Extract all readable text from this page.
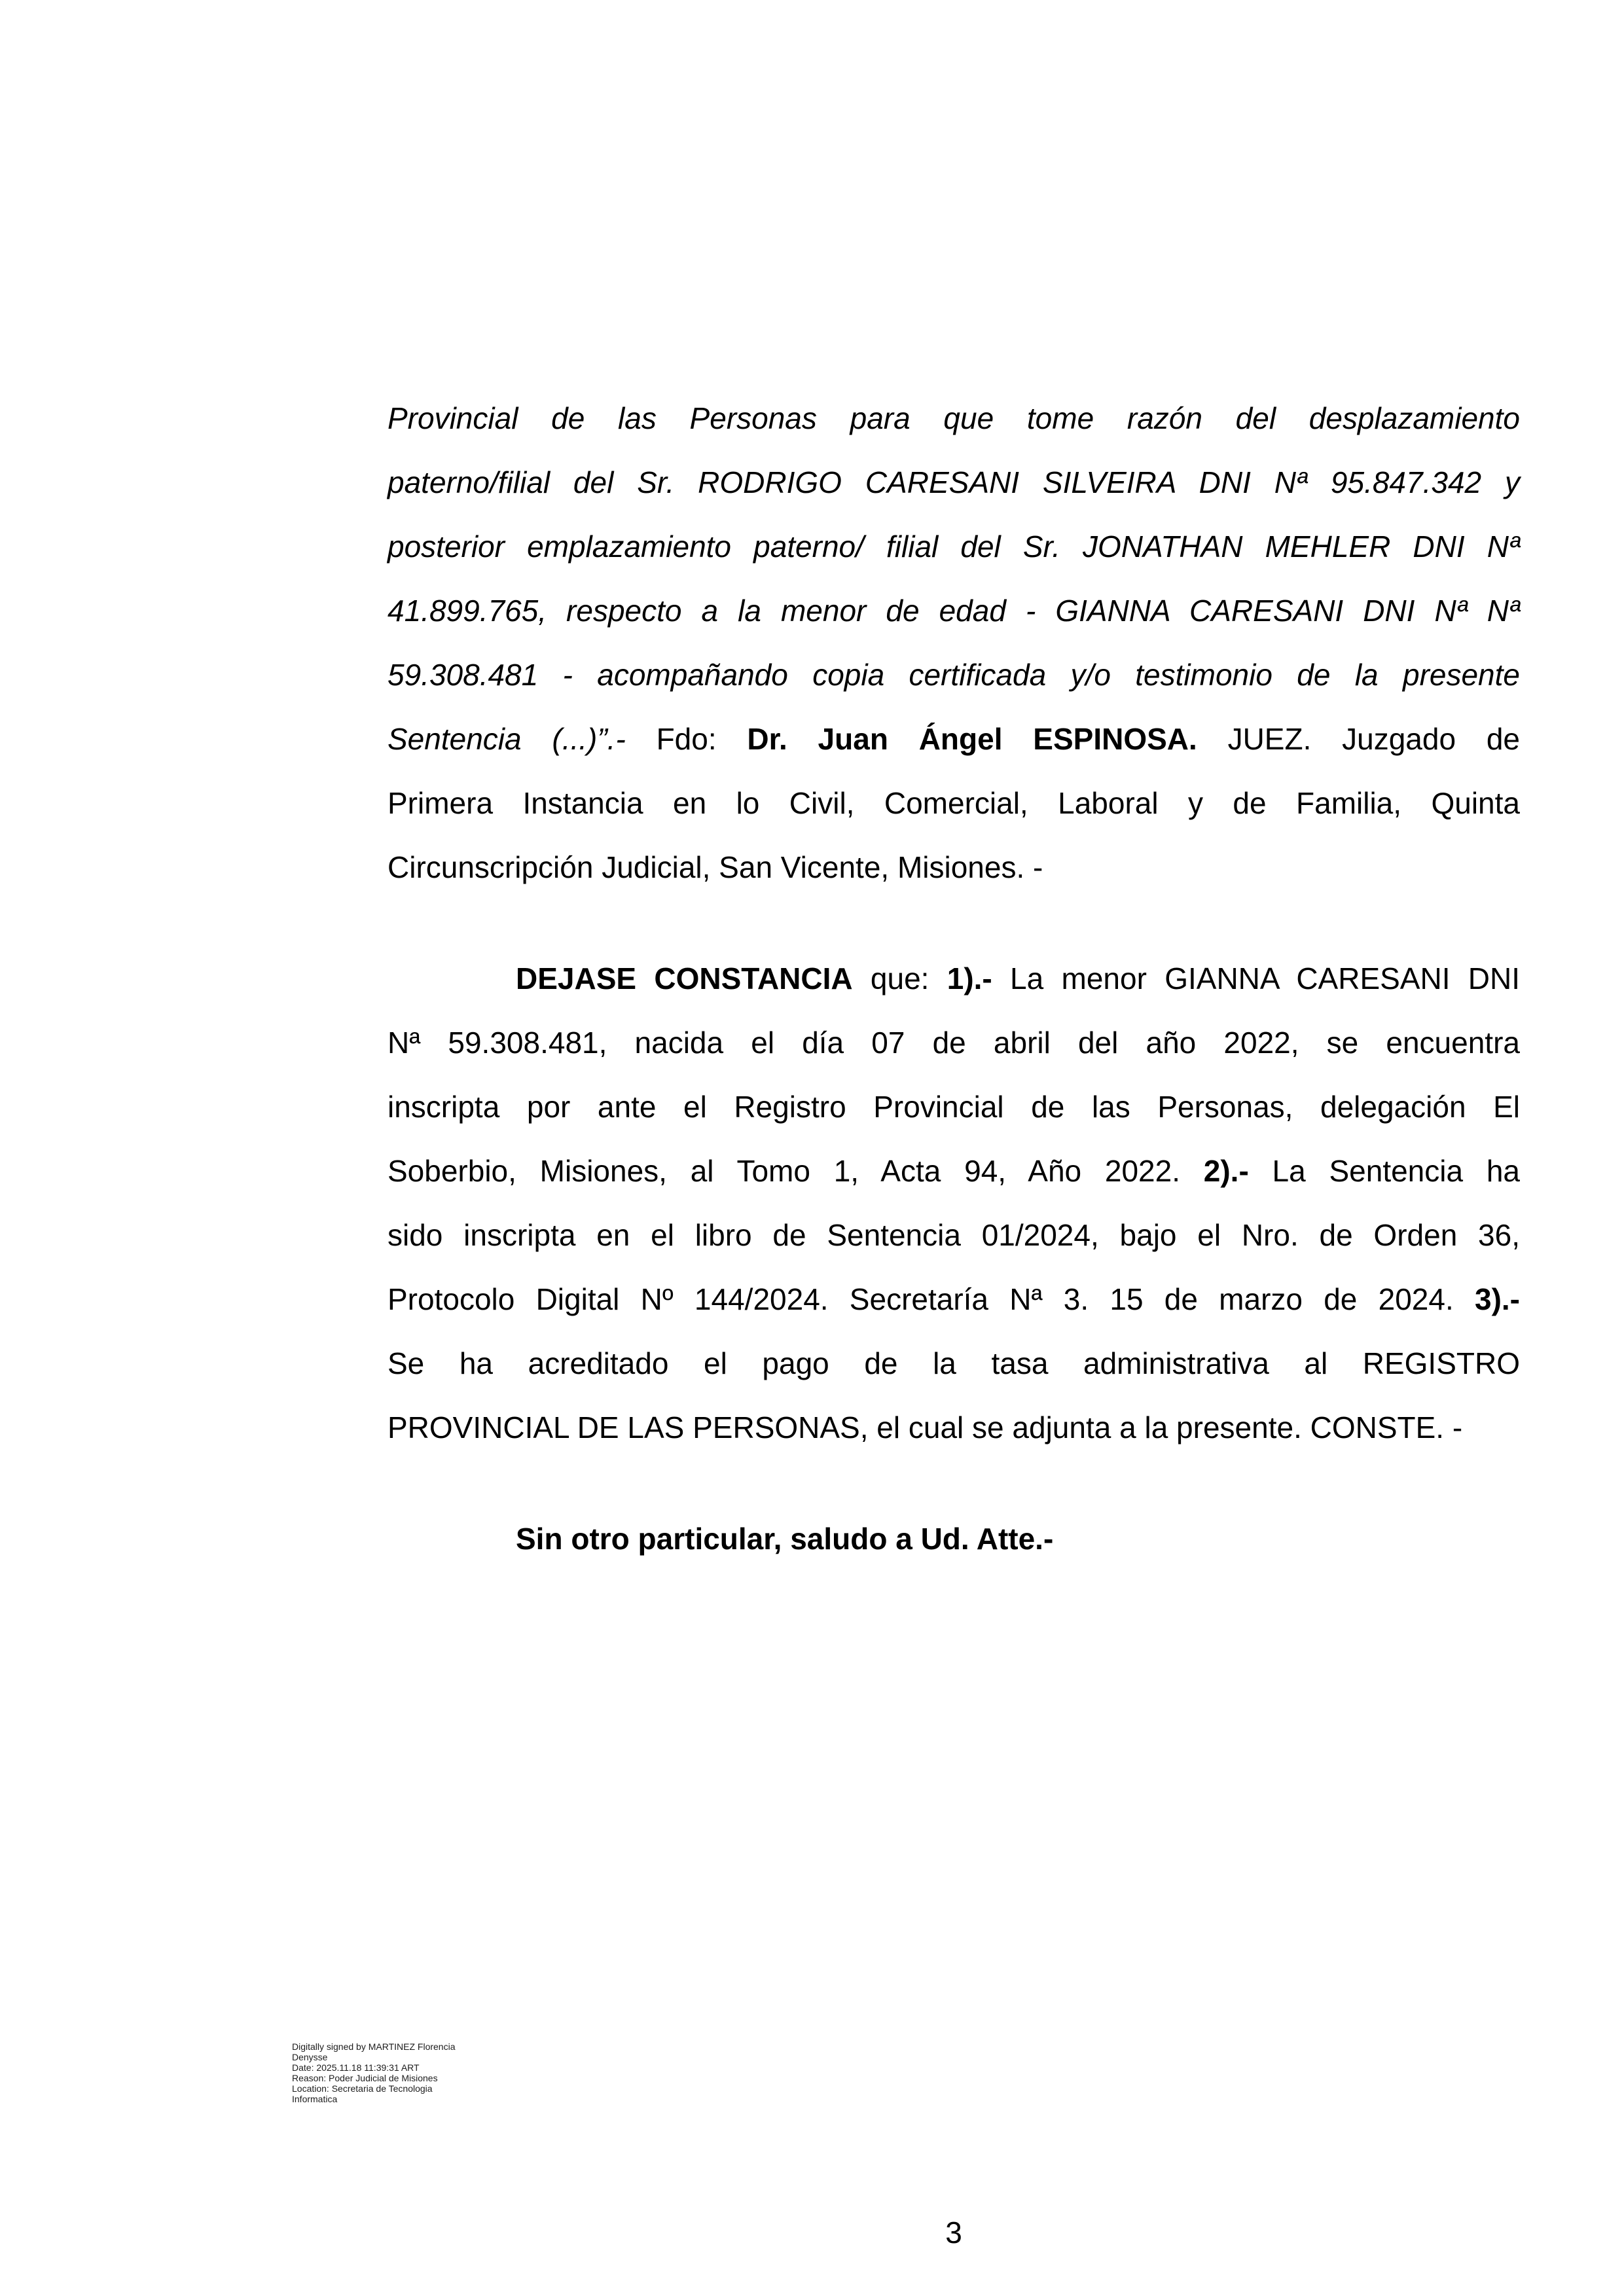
Provincial de las Personas para que tome razón del desplazamiento
paterno/filial del Sr. RODRIGO CARESANI SILVEIRA DNI Nª 95.847.342 y
posterior emplazamiento paterno/ filial del Sr. JONATHAN MEHLER DNI Nª
41.899.765, respecto a la menor de edad - GIANNA CARESANI DNI Nª Nª
59.308.481 - acompañando copia certificada y/o testimonio de la presente
Sentencia (...)”.- Fdo: Dr. Juan Ángel ESPINOSA. JUEZ. Juzgado de
Primera Instancia en lo Civil, Comercial, Laboral y de Familia, Quinta
Circunscripción Judicial, San Vicente, Misiones. -
DEJASE CONSTANCIA que: 1).- La menor GIANNA CARESANI DNI
Nª 59.308.481, nacida el día 07 de abril del año 2022, se encuentra
inscripta por ante el Registro Provincial de las Personas, delegación El
Soberbio, Misiones, al Tomo 1, Acta 94, Año 2022. 2).- La Sentencia ha
sido inscripta en el libro de Sentencia 01/2024, bajo el Nro. de Orden 36,
Protocolo Digital Nº 144/2024. Secretaría Nª 3. 15 de marzo de 2024. 3).-
Se ha acreditado el pago de la tasa administrativa al REGISTRO
PROVINCIAL DE LAS PERSONAS, el cual se adjunta a la presente. CONSTE. -
Sin otro particular, saludo a Ud. Atte.-
Digitally signed by MARTINEZ Florencia
Denysse
Date: 2025.11.18 11:39:31 ART
Reason: Poder Judicial de Misiones
Location: Secretaria de Tecnologia
Informatica
3
